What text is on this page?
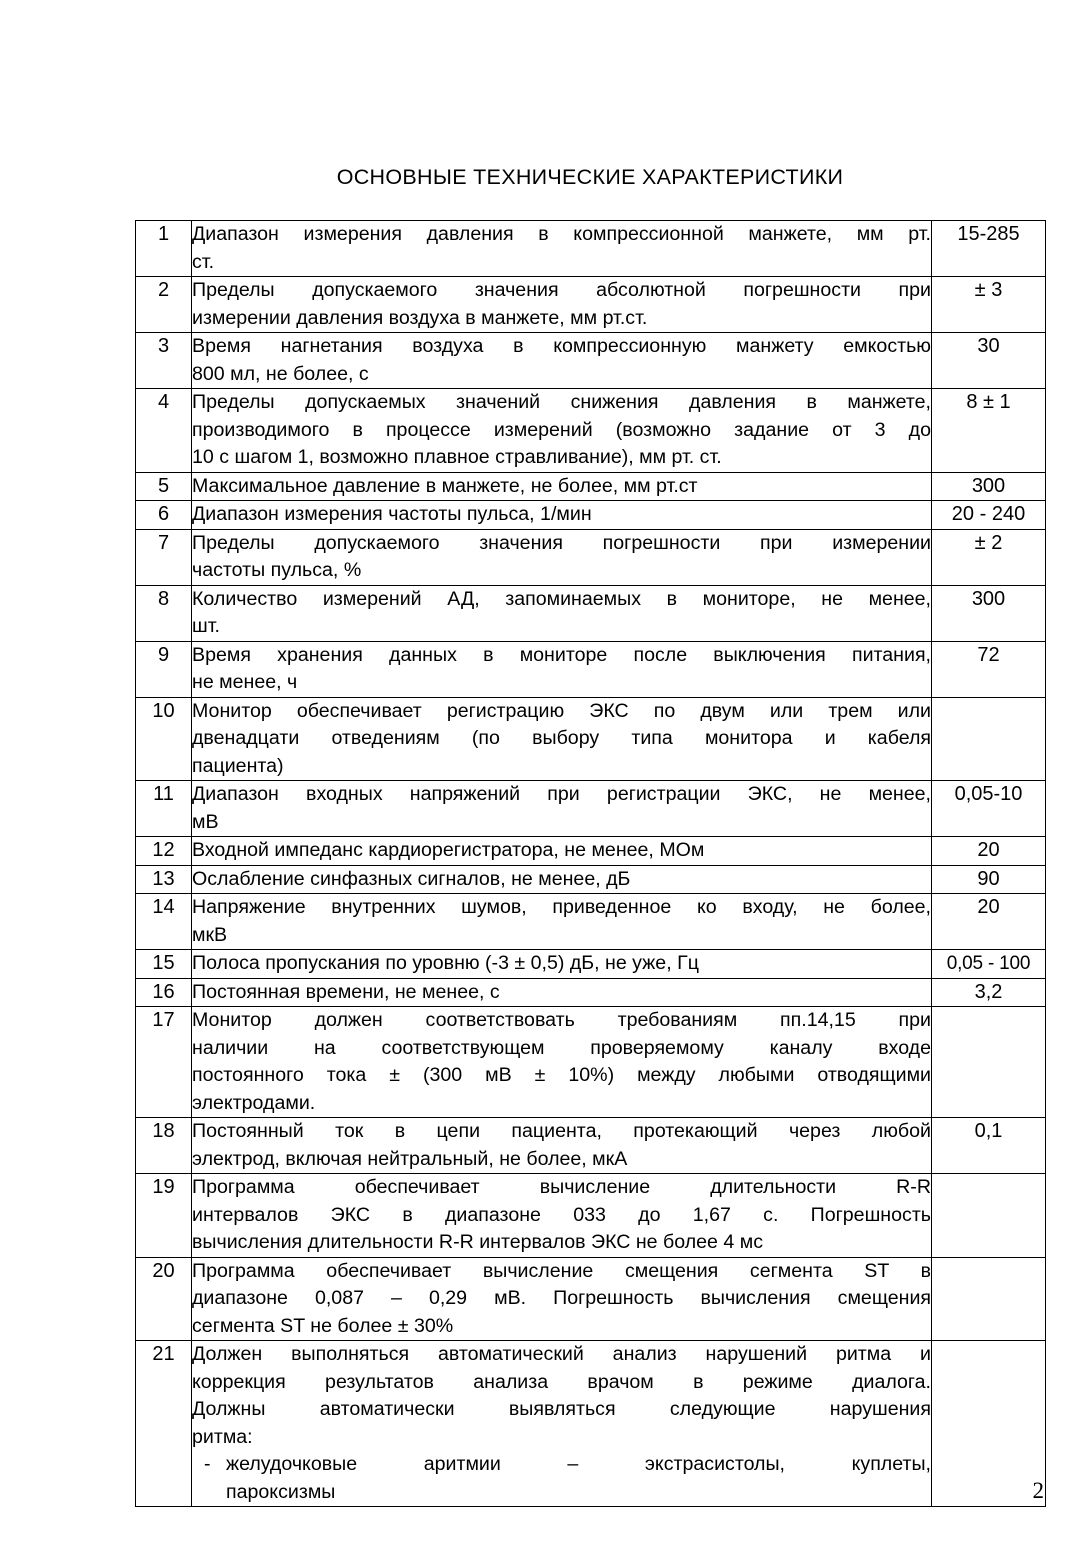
ОСНОВНЫЕ ТЕХНИЧЕСКИЕ ХАРАКТЕРИСТИКИ
1	Диапазон измерения давления в компрессионной манжете, мм рт.
ст.	15-285
2	Пределы допускаемого значения абсолютной погрешности при
измерении давления воздуха в манжете, мм рт.ст.	± 3
3	Время нагнетания воздуха в компрессионную манжету емкостью
800 мл, не более, с	30
4	Пределы допускаемых значений снижения давления в манжете,
производимого в процессе измерений (возможно задание от 3 до
10 с шагом 1, возможно плавное стравливание), мм рт. ст.	8 ± 1
5	Максимальное давление в манжете, не более, мм рт.ст	300
6	Диапазон измерения частоты пульса, 1/мин	20 - 240
7	Пределы допускаемого значения погрешности при измерении
частоты пульса, %	± 2
8	Количество измерений АД, запоминаемых в мониторе, не менее,
шт.	300
9	Время хранения данных в мониторе после выключения питания,
не менее, ч	72
10	Монитор обеспечивает регистрацию ЭКС по двум или трем или
двенадцати отведениям (по выбору типа монитора и кабеля
пациента)	

11	Диапазон входных напряжений при регистрации ЭКС, не менее,
мВ	0,05-10
12	Входной импеданс кардиорегистратора, не менее, МОм	20
13	Ослабление синфазных сигналов, не менее, дБ	90
14	Напряжение внутренних шумов, приведенное ко входу, не более,
мкВ	20
15	Полоса пропускания по уровню (-3 ± 0,5) дБ, не уже, Гц	0,05 - 100
16	Постоянная времени, не менее, с	3,2
17	Монитор должен соответствовать требованиям пп.14,15 при
наличии на соответствующем проверяемому каналу входе
постоянного тока ± (300 мВ ± 10%) между любыми отводящими
электродами.	

18	Постоянный ток в цепи пациента, протекающий через любой
электрод, включая нейтральный, не более, мкА	0,1
19	Программа обеспечивает вычисление длительности R-R
интервалов ЭКС в диапазоне 033 до 1,67 с. Погрешность
вычисления длительности R-R интервалов ЭКС не более 4 мс	

20	Программа обеспечивает вычисление смещения сегмента ST в
диапазоне 0,087 – 0,29 мВ. Погрешность вычисления смещения
сегмента ST не более ± 30%	

21	Должен выполняться автоматический анализ нарушений ритма и
коррекция результатов анализа врачом в режиме диалога.
Должны автоматически выявляться следующие нарушения
ритма:
- желудочковые аритмии – экстрасистолы, куплеты,
пароксизмы
		2
